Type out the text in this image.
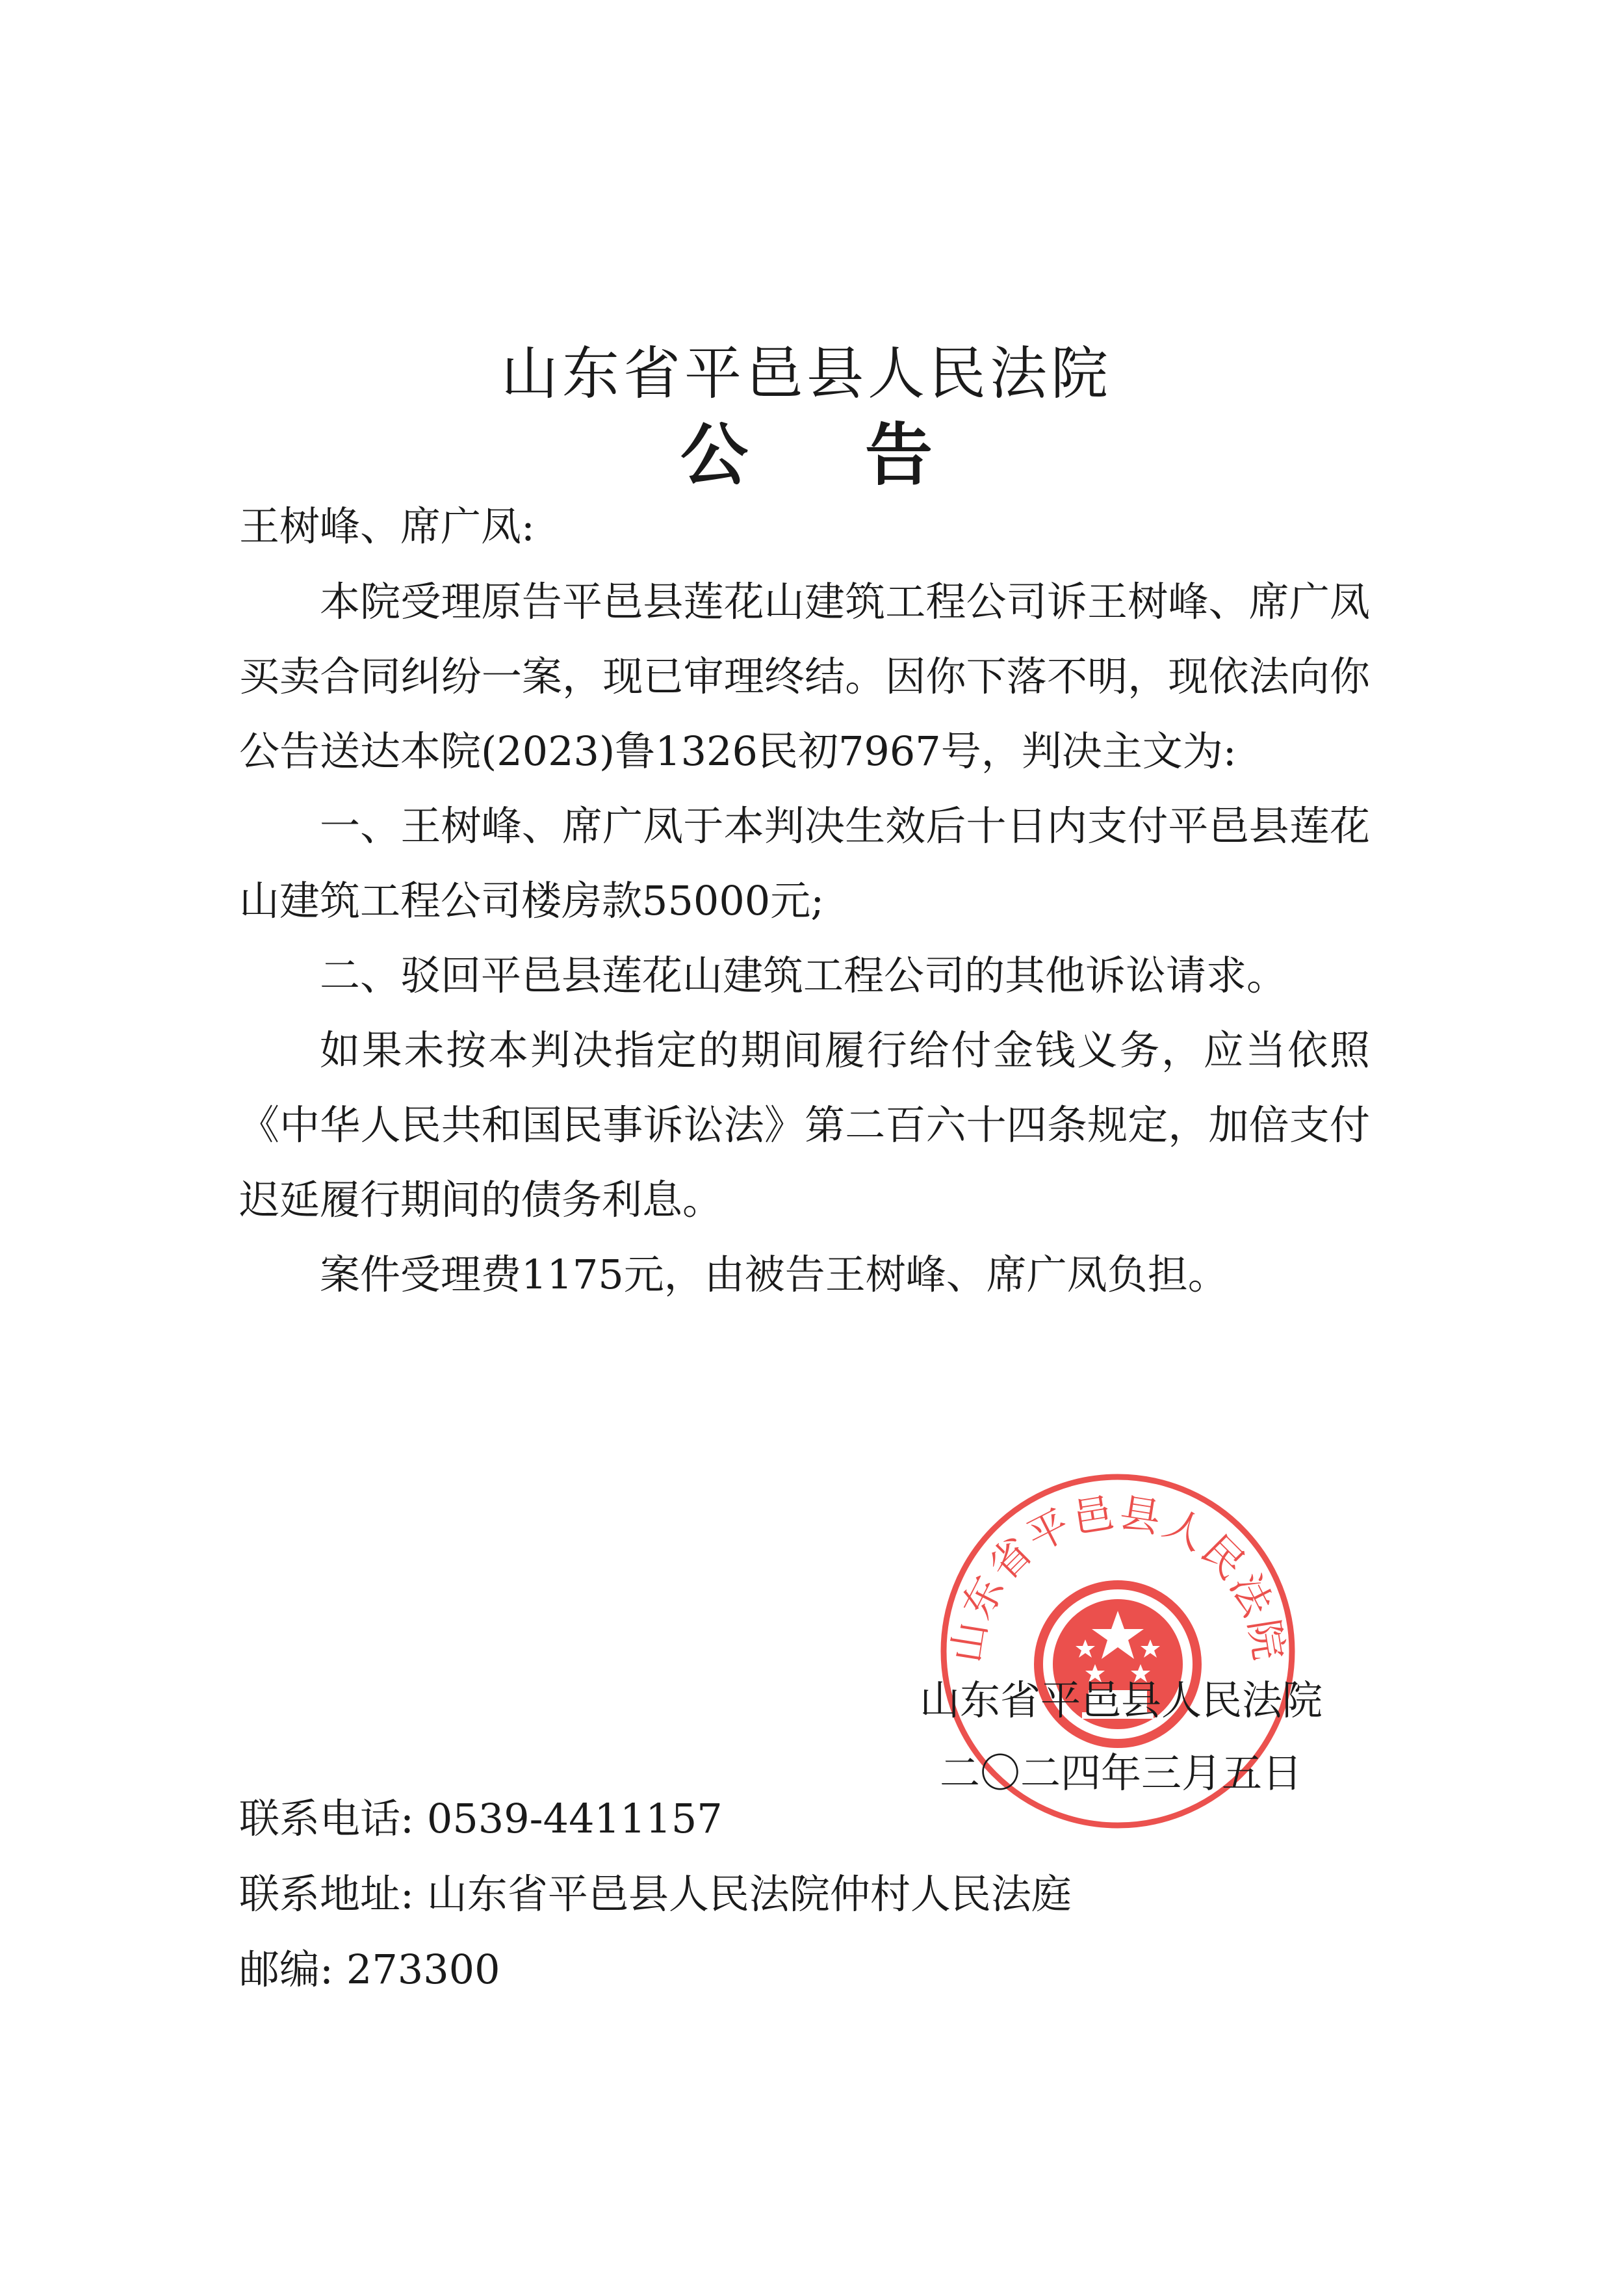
山东省平邑县人民法院
公告

王树峰、席广凤:

本院受理原告平邑县莲花山建筑工程公司诉王树峰、席广凤买卖合同纠纷一案，现已审理终结。因你下落不明，现依法向你公告送达本院(2023)鲁1326民初7967号，判决主文为:

一、王树峰、席广凤于本判决生效后十日内支付平邑县莲花山建筑工程公司楼房款55000元;

二、驳回平邑县莲花山建筑工程公司的其他诉讼请求。

如果未按本判决指定的期间履行给付金钱义务，应当依照《中华人民共和国民事诉讼法》第二百六十四条规定，加倍支付迟延履行期间的债务利息。

案件受理费1175元，由被告王树峰、席广凤负担。

山东省平邑县人民法院
山东省平邑县人民法院
二〇二四年三月五日
联系电话: 0539-4411157
联系地址: 山东省平邑县人民法院仲村人民法庭
邮编: 273300
